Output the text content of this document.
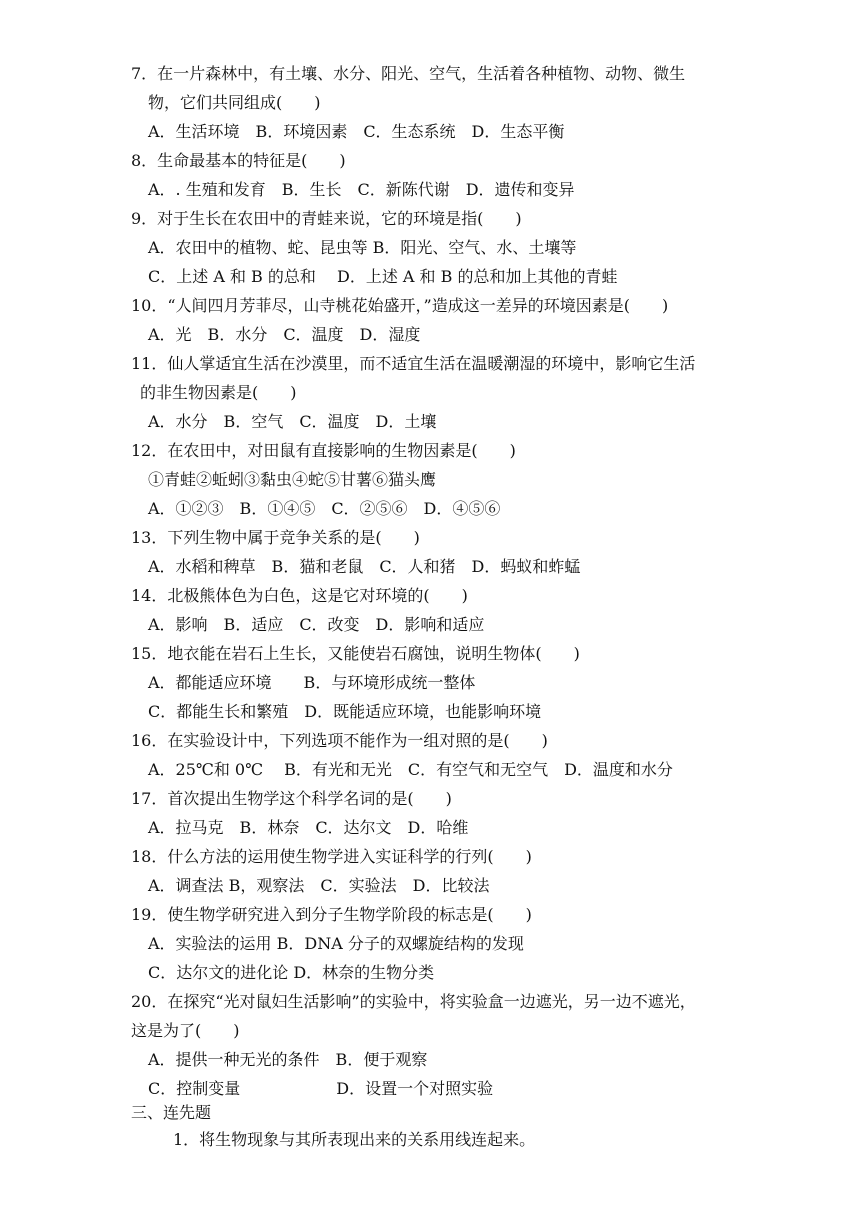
7．在一片森林中，有土壤、水分、阳光、空气，生活着各种植物、动物、微生
物，它们共同组成(　　)
A．生活环境　B．环境因素　C．生态系统　D．生态平衡
8．生命最基本的特征是(　　)
A．. 生殖和发育　B．生长　C．新陈代谢　D．遗传和变异
9．对于生长在农田中的青蛙来说，它的环境是指(　　)
A．农田中的植物、蛇、昆虫等 B．阳光、空气、水、土壤等
C．上述 A 和 B 的总和　 D．上述 A 和 B 的总和加上其他的青蛙
10．“人间四月芳菲尽，山寺桃花始盛开，”造成这一差异的环境因素是(　　)
A．光　B．水分　C．温度　D．湿度
11．仙人掌适宜生活在沙漠里，而不适宜生活在温暖潮湿的环境中，影响它生活
的非生物因素是(　　)
A．水分　B．空气　C．温度　D．土壤
12．在农田中，对田鼠有直接影响的生物因素是(　　)
①青蛙②蚯蚓③黏虫④蛇⑤甘薯⑥猫头鹰
A．①②③　B．①④⑤　C．②⑤⑥　D．④⑤⑥
13．下列生物中属于竞争关系的是(　　)
A．水稻和稗草　B．猫和老鼠　C．人和猪　D．蚂蚁和蚱蜢
14．北极熊体色为白色，这是它对环境的(　　)
A．影响　B．适应　C．改变　D．影响和适应
15．地衣能在岩石上生长，又能使岩石腐蚀，说明生物体(　　)
A．都能适应环境　　B．与环境形成统一整体
C．都能生长和繁殖　D．既能适应环境，也能影响环境
16．在实验设计中，下列选项不能作为一组对照的是(　　)
A．25℃和 0℃　 B．有光和无光　C．有空气和无空气　D．温度和水分
17．首次提出生物学这个科学名词的是(　　)
A．拉马克　B．林奈　C．达尔文　D．哈维
18．什么方法的运用使生物学进入实证科学的行列(　　)
A．调查法 B，观察法　C．实验法　D．比较法
19．使生物学研究进入到分子生物学阶段的标志是(　　)
A．实验法的运用 B．DNA 分子的双螺旋结构的发现
C．达尔文的进化论 D．林奈的生物分类
20．在探究“光对鼠妇生活影响”的实验中，将实验盒一边遮光，另一边不遮光，
这是为了(　　)
A．提供一种无光的条件　B．便于观察
C．控制变量　　　　　　D．设置一个对照实验
三、连先题
1．将生物现象与其所表现出来的关系用线连起来。
